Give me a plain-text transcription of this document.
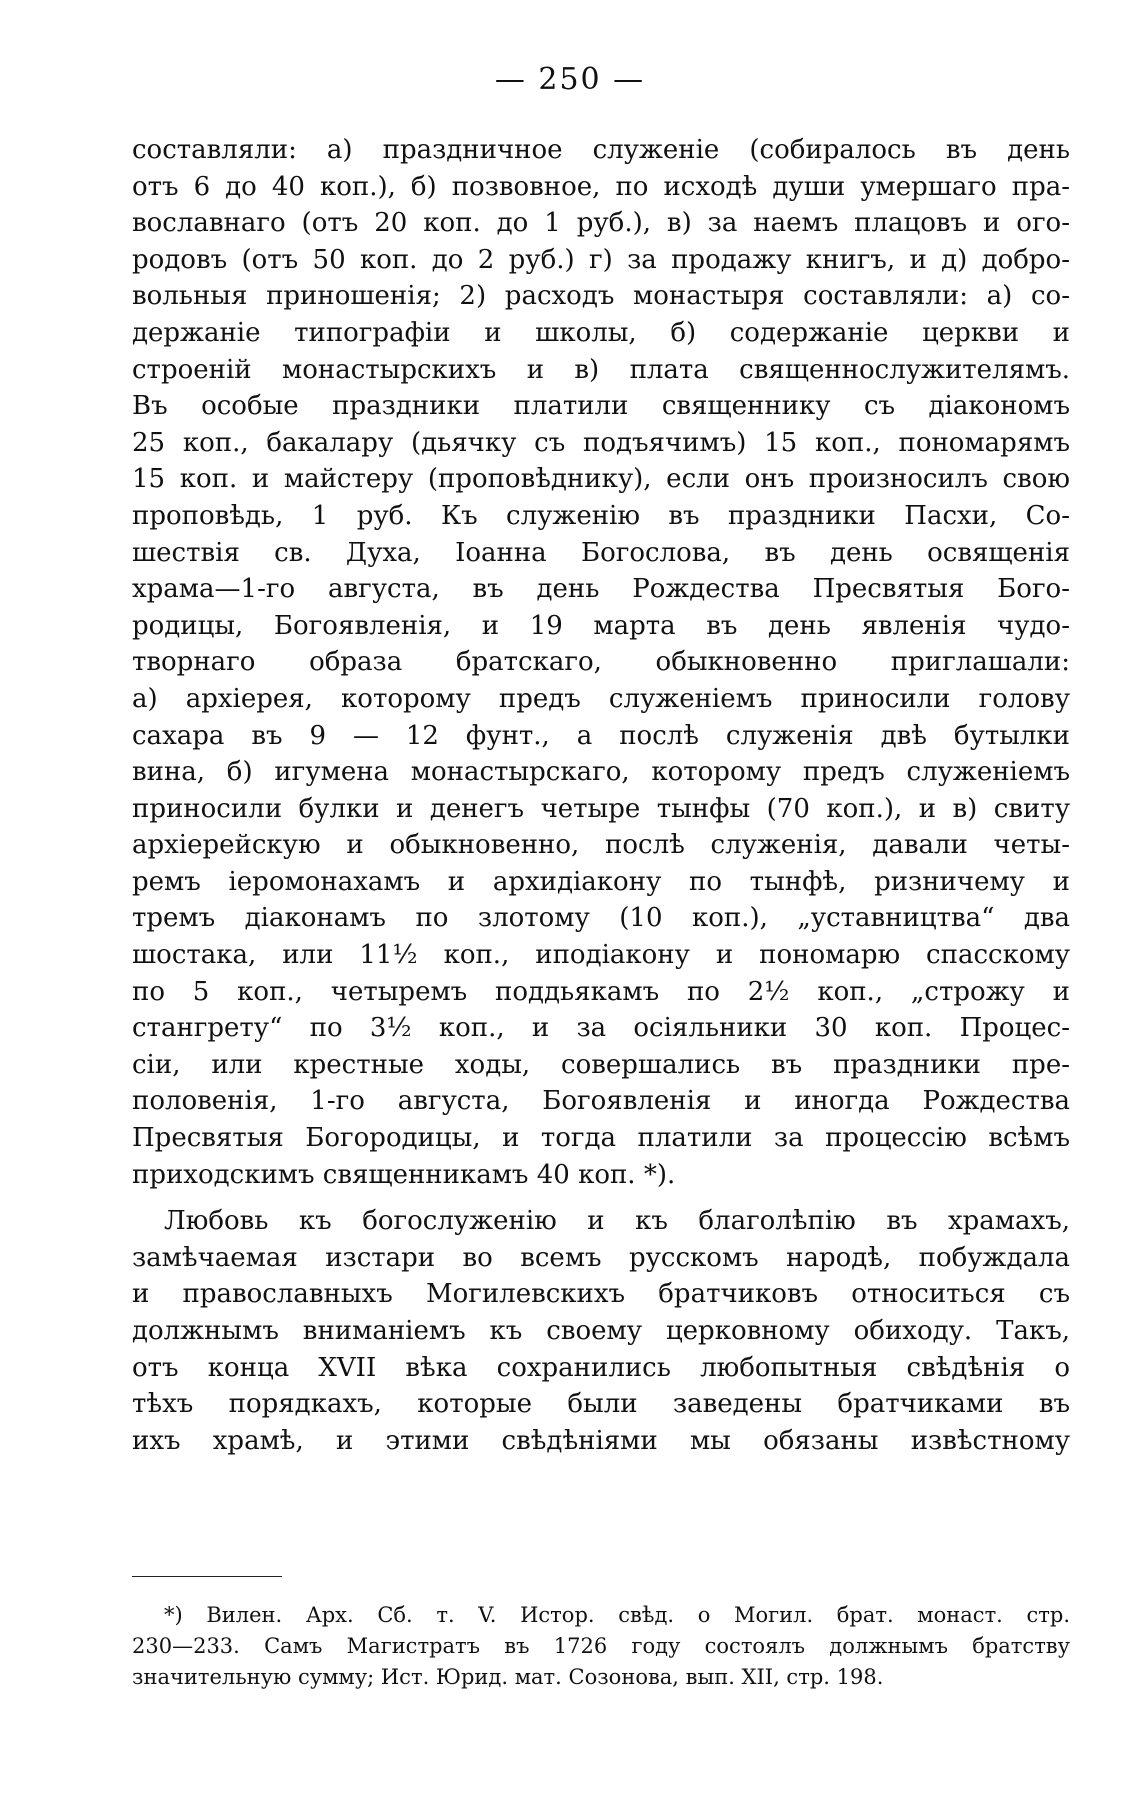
— 250 —
составляли: а) праздничное служеніе (собиралось въ день
отъ 6 до 40 коп.), б) позвовное, по исходѣ души умершаго пра-
вославнаго (отъ 20 коп. до 1 руб.), в) за наемъ плацовъ и ого-
родовъ (отъ 50 коп. до 2 руб.) г) за продажу книгъ, и д) добро-
вольныя приношенія; 2) расходъ монастыря составляли: а) со-
держаніе типографіи и школы, б) содержаніе церкви и
строеній монастырскихъ и в) плата священнослужителямъ.
Въ особые праздники платили священнику съ діакономъ
25 коп., бакалару (дьячку съ подъячимъ) 15 коп., пономарямъ
15 коп. и майстеру (проповѣднику), если онъ произносилъ свою
проповѣдь, 1 руб. Къ служенію въ праздники Пасхи, Со-
шествія св. Духа, Іоанна Богослова, въ день освященія
храма—1-го августа, въ день Рождества Пресвятыя Бого-
родицы, Богоявленія, и 19 марта въ день явленія чудо-
творнаго образа братскаго, обыкновенно приглашали:
а) архіерея, которому предъ служеніемъ приносили голову
сахара въ 9 — 12 фунт., а послѣ служенія двѣ бутылки
вина, б) игумена монастырскаго, которому предъ служеніемъ
приносили булки и денегъ четыре тынфы (70 коп.), и в) свиту
архіерейскую и обыкновенно, послѣ служенія, давали четы-
ремъ іеромонахамъ и архидіакону по тынфѣ, ризничему и
тремъ діаконамъ по злотому (10 коп.), „уставництва“ два
шостака, или 11½ коп., иподіакону и пономарю спасскому
по 5 коп., четыремъ поддьякамъ по 2½ коп., „строжу и
стангрету“ по 3½ коп., и за осіяльники 30 коп. Процес-
сіи, или крестные ходы, совершались въ праздники пре-
половенія, 1-го августа, Богоявленія и иногда Рождества
Пресвятыя Богородицы, и тогда платили за процессію всѣмъ
приходскимъ священникамъ 40 коп. *).
Любовь къ богослуженію и къ благолѣпію въ храмахъ,
замѣчаемая изстари во всемъ русскомъ народѣ, побуждала
и православныхъ Могилевскихъ братчиковъ относиться съ
должнымъ вниманіемъ къ своему церковному обиходу. Такъ,
отъ конца XVII вѣка сохранились любопытныя свѣдѣнія о
тѣхъ порядкахъ, которые были заведены братчиками въ
ихъ храмѣ, и этими свѣдѣніями мы обязаны извѣстному
*) Вилен. Арх. Сб. т. V. Истор. свѣд. о Могил. брат. монаст. стр.
230—233. Самъ Магистратъ въ 1726 году состоялъ должнымъ братству
значительную сумму; Ист. Юрид. мат. Созонова, вып. XII, стр. 198.
